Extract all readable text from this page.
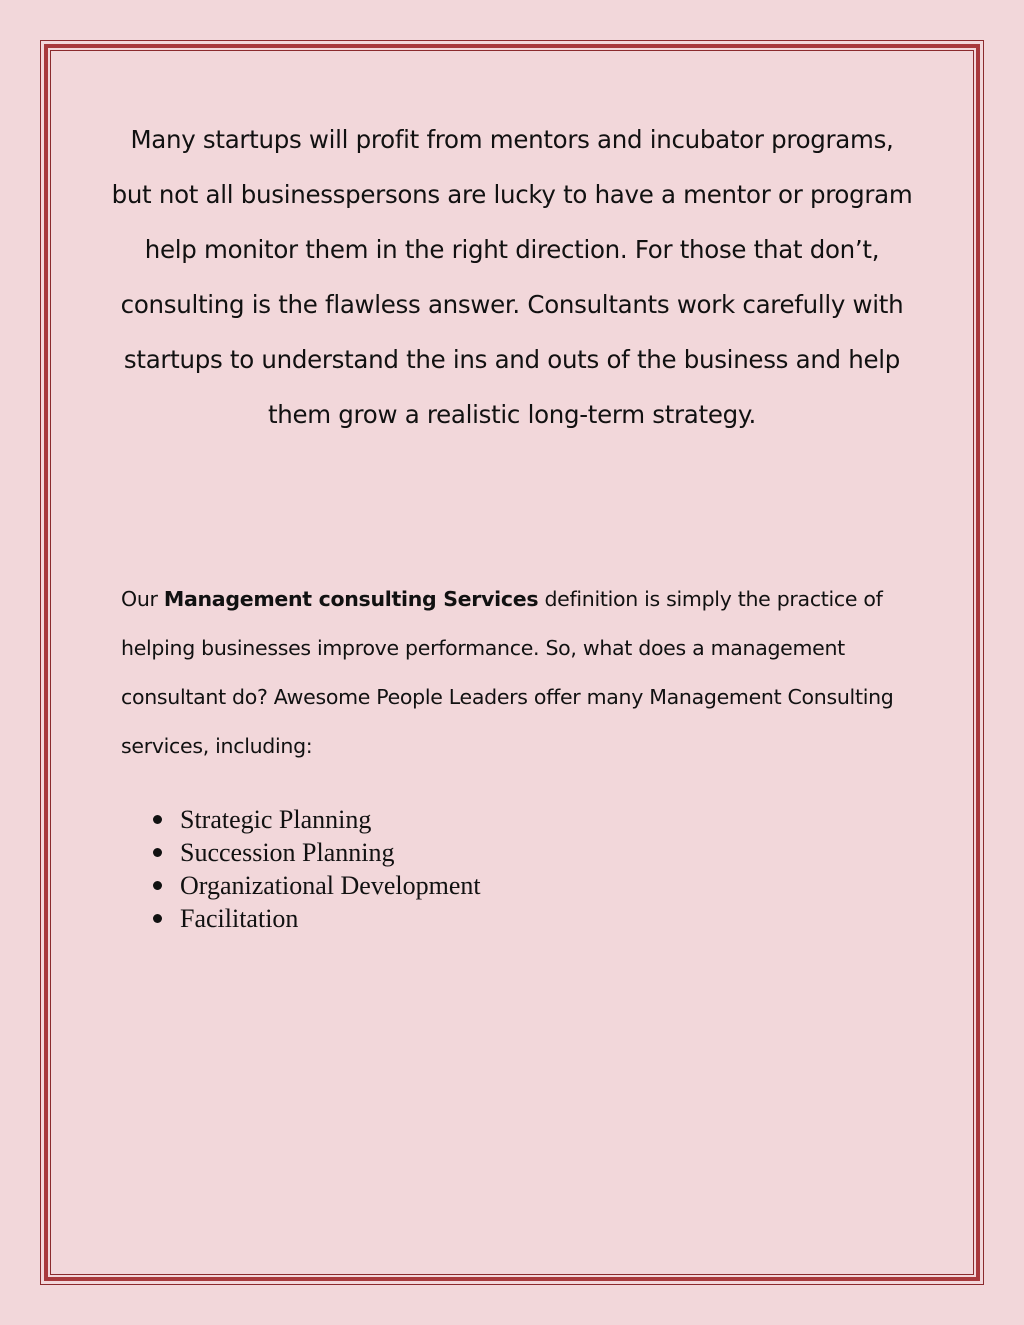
Many startups will profit from mentors and incubator programs, but not all businesspersons are lucky to have a mentor or program help monitor them in the right direction. For those that don’t, consulting is the flawless answer. Consultants work carefully with startups to understand the ins and outs of the business and help them grow a realistic long-term strategy.

Our Management consulting Services definition is simply the practice of helping businesses improve performance. So, what does a management consultant do? Awesome People Leaders offer many Management Consulting services, including:

Strategic Planning
Succession Planning
Organizational Development
Facilitation
